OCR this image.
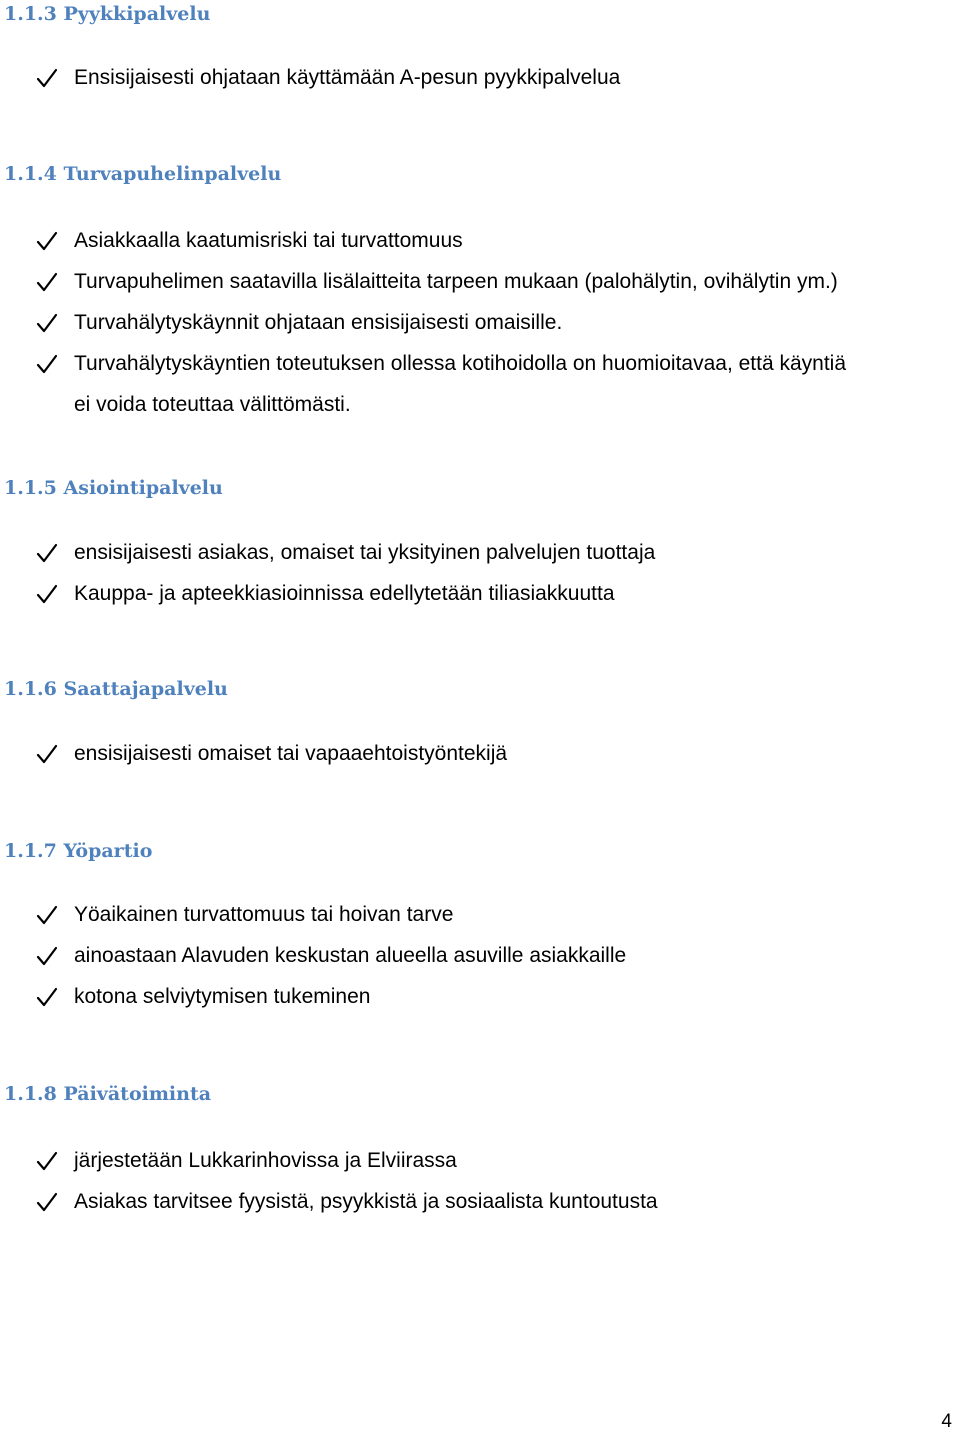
1.1.3 Pyykkipalvelu
Ensisijaisesti ohjataan käyttämään A-pesun pyykkipalvelua
1.1.4 Turvapuhelinpalvelu
Asiakkaalla kaatumisriski tai turvattomuus
Turvapuhelimen saatavilla lisälaitteita tarpeen mukaan (palohälytin, ovihälytin ym.)
Turvahälytyskäynnit ohjataan ensisijaisesti omaisille.
Turvahälytyskäyntien toteutuksen ollessa kotihoidolla on huomioitavaa, että käyntiä
ei voida toteuttaa välittömästi.
1.1.5 Asiointipalvelu
ensisijaisesti asiakas, omaiset tai yksityinen palvelujen tuottaja
Kauppa- ja apteekkiasioinnissa edellytetään tiliasiakkuutta
1.1.6 Saattajapalvelu
ensisijaisesti omaiset tai vapaaehtoistyöntekijä
1.1.7 Yöpartio
Yöaikainen turvattomuus tai hoivan tarve
ainoastaan Alavuden keskustan alueella asuville asiakkaille
kotona selviytymisen tukeminen
1.1.8 Päivätoiminta
järjestetään Lukkarinhovissa ja Elviirassa
Asiakas tarvitsee fyysistä, psyykkistä ja sosiaalista kuntoutusta
4
